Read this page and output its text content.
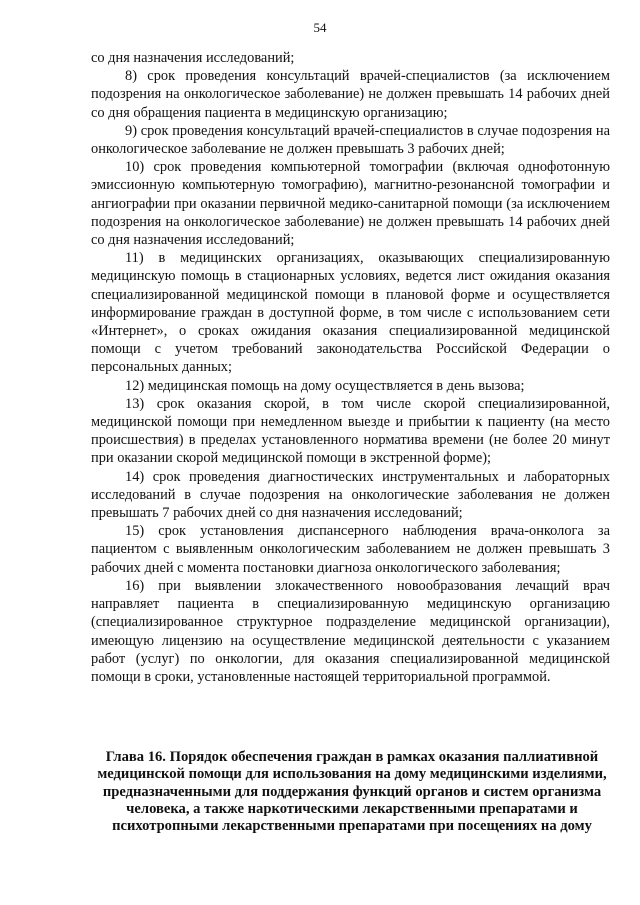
54

со дня назначения исследований;

8) срок проведения консультаций врачей-специалистов (за исключением подозрения на онкологическое заболевание) не должен превышать 14 рабочих дней со дня обращения пациента в медицинскую организацию;

9) срок проведения консультаций врачей-специалистов в случае подозрения на онкологическое заболевание не должен превышать 3 рабочих дней;

10) срок проведения компьютерной томографии (включая однофотонную эмиссионную компьютерную томографию), магнитно-резонансной томографии и ангиографии при оказании первичной медико-санитарной помощи (за исключением подозрения на онкологическое заболевание) не должен превышать 14 рабочих дней со дня назначения исследований;

11) в медицинских организациях, оказывающих специализированную медицинскую помощь в стационарных условиях, ведется лист ожидания оказания специализированной медицинской помощи в плановой форме и осуществляется информирование граждан в доступной форме, в том числе с использованием сети «Интернет», о сроках ожидания оказания специализированной медицинской помощи с учетом требований законодательства Российской Федерации о персональных данных;

12) медицинская помощь на дому осуществляется в день вызова;

13) срок оказания скорой, в том числе скорой специализированной, медицинской помощи при немедленном выезде и прибытии к пациенту (на место происшествия) в пределах установленного норматива времени (не более 20 минут при оказании скорой медицинской помощи в экстренной форме);

14) срок проведения диагностических инструментальных и лабораторных исследований в случае подозрения на онкологические заболевания не должен превышать 7 рабочих дней со дня назначения исследований;

15) срок установления диспансерного наблюдения врача-онколога за пациентом с выявленным онкологическим заболеванием не должен превышать 3 рабочих дней с момента постановки диагноза онкологического заболевания;

16) при выявлении злокачественного новообразования лечащий врач направляет пациента в специализированную медицинскую организацию (специализированное структурное подразделение медицинской организации), имеющую лицензию на осуществление медицинской деятельности с указанием работ (услуг) по онкологии, для оказания специализированной медицинской помощи в сроки, установленные настоящей территориальной программой.

Глава 16. Порядок обеспечения граждан в рамках оказания паллиативной медицинской помощи для использования на дому медицинскими изделиями, предназначенными для поддержания функций органов и систем организма человека, а также наркотическими лекарственными препаратами и психотропными лекарственными препаратами при посещениях на дому
